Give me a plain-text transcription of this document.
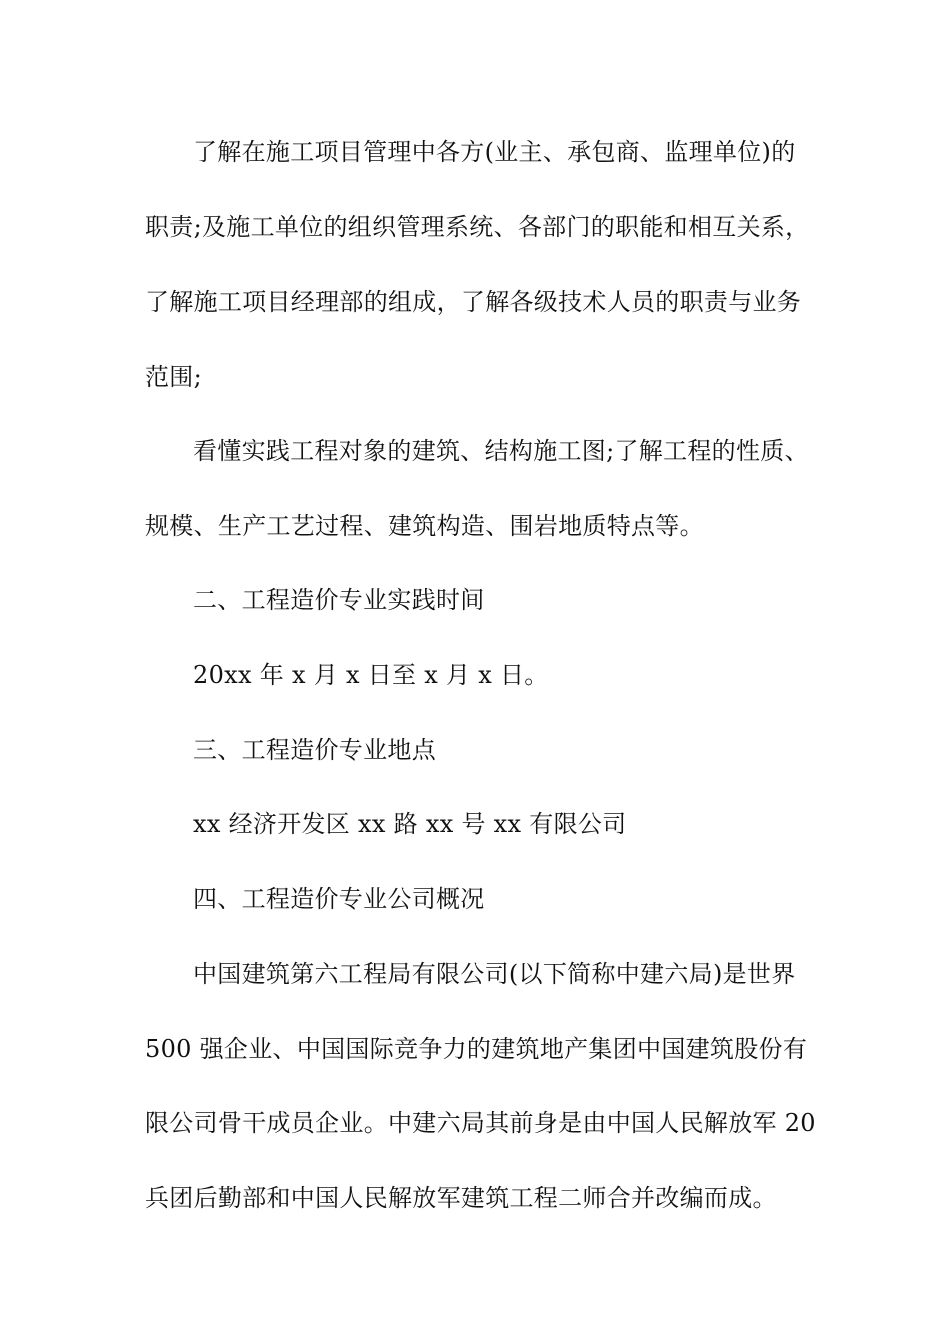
了解在施工项目管理中各方(业主、承包商、监理单位)的
职责;及施工单位的组织管理系统、各部门的职能和相互关系，
了解施工项目经理部的组成，了解各级技术人员的职责与业务
范围;
看懂实践工程对象的建筑、结构施工图;了解工程的性质、
规模、生产工艺过程、建筑构造、围岩地质特点等。
二、工程造价专业实践时间
20xx 年 x 月 x 日至 x 月 x 日。
三、工程造价专业地点
xx 经济开发区 xx 路 xx 号 xx 有限公司
四、工程造价专业公司概况
中国建筑第六工程局有限公司(以下简称中建六局)是世界
500 强企业、中国国际竞争力的建筑地产集团中国建筑股份有
限公司骨干成员企业。中建六局其前身是由中国人民解放军 20
兵团后勤部和中国人民解放军建筑工程二师合并改编而成。
